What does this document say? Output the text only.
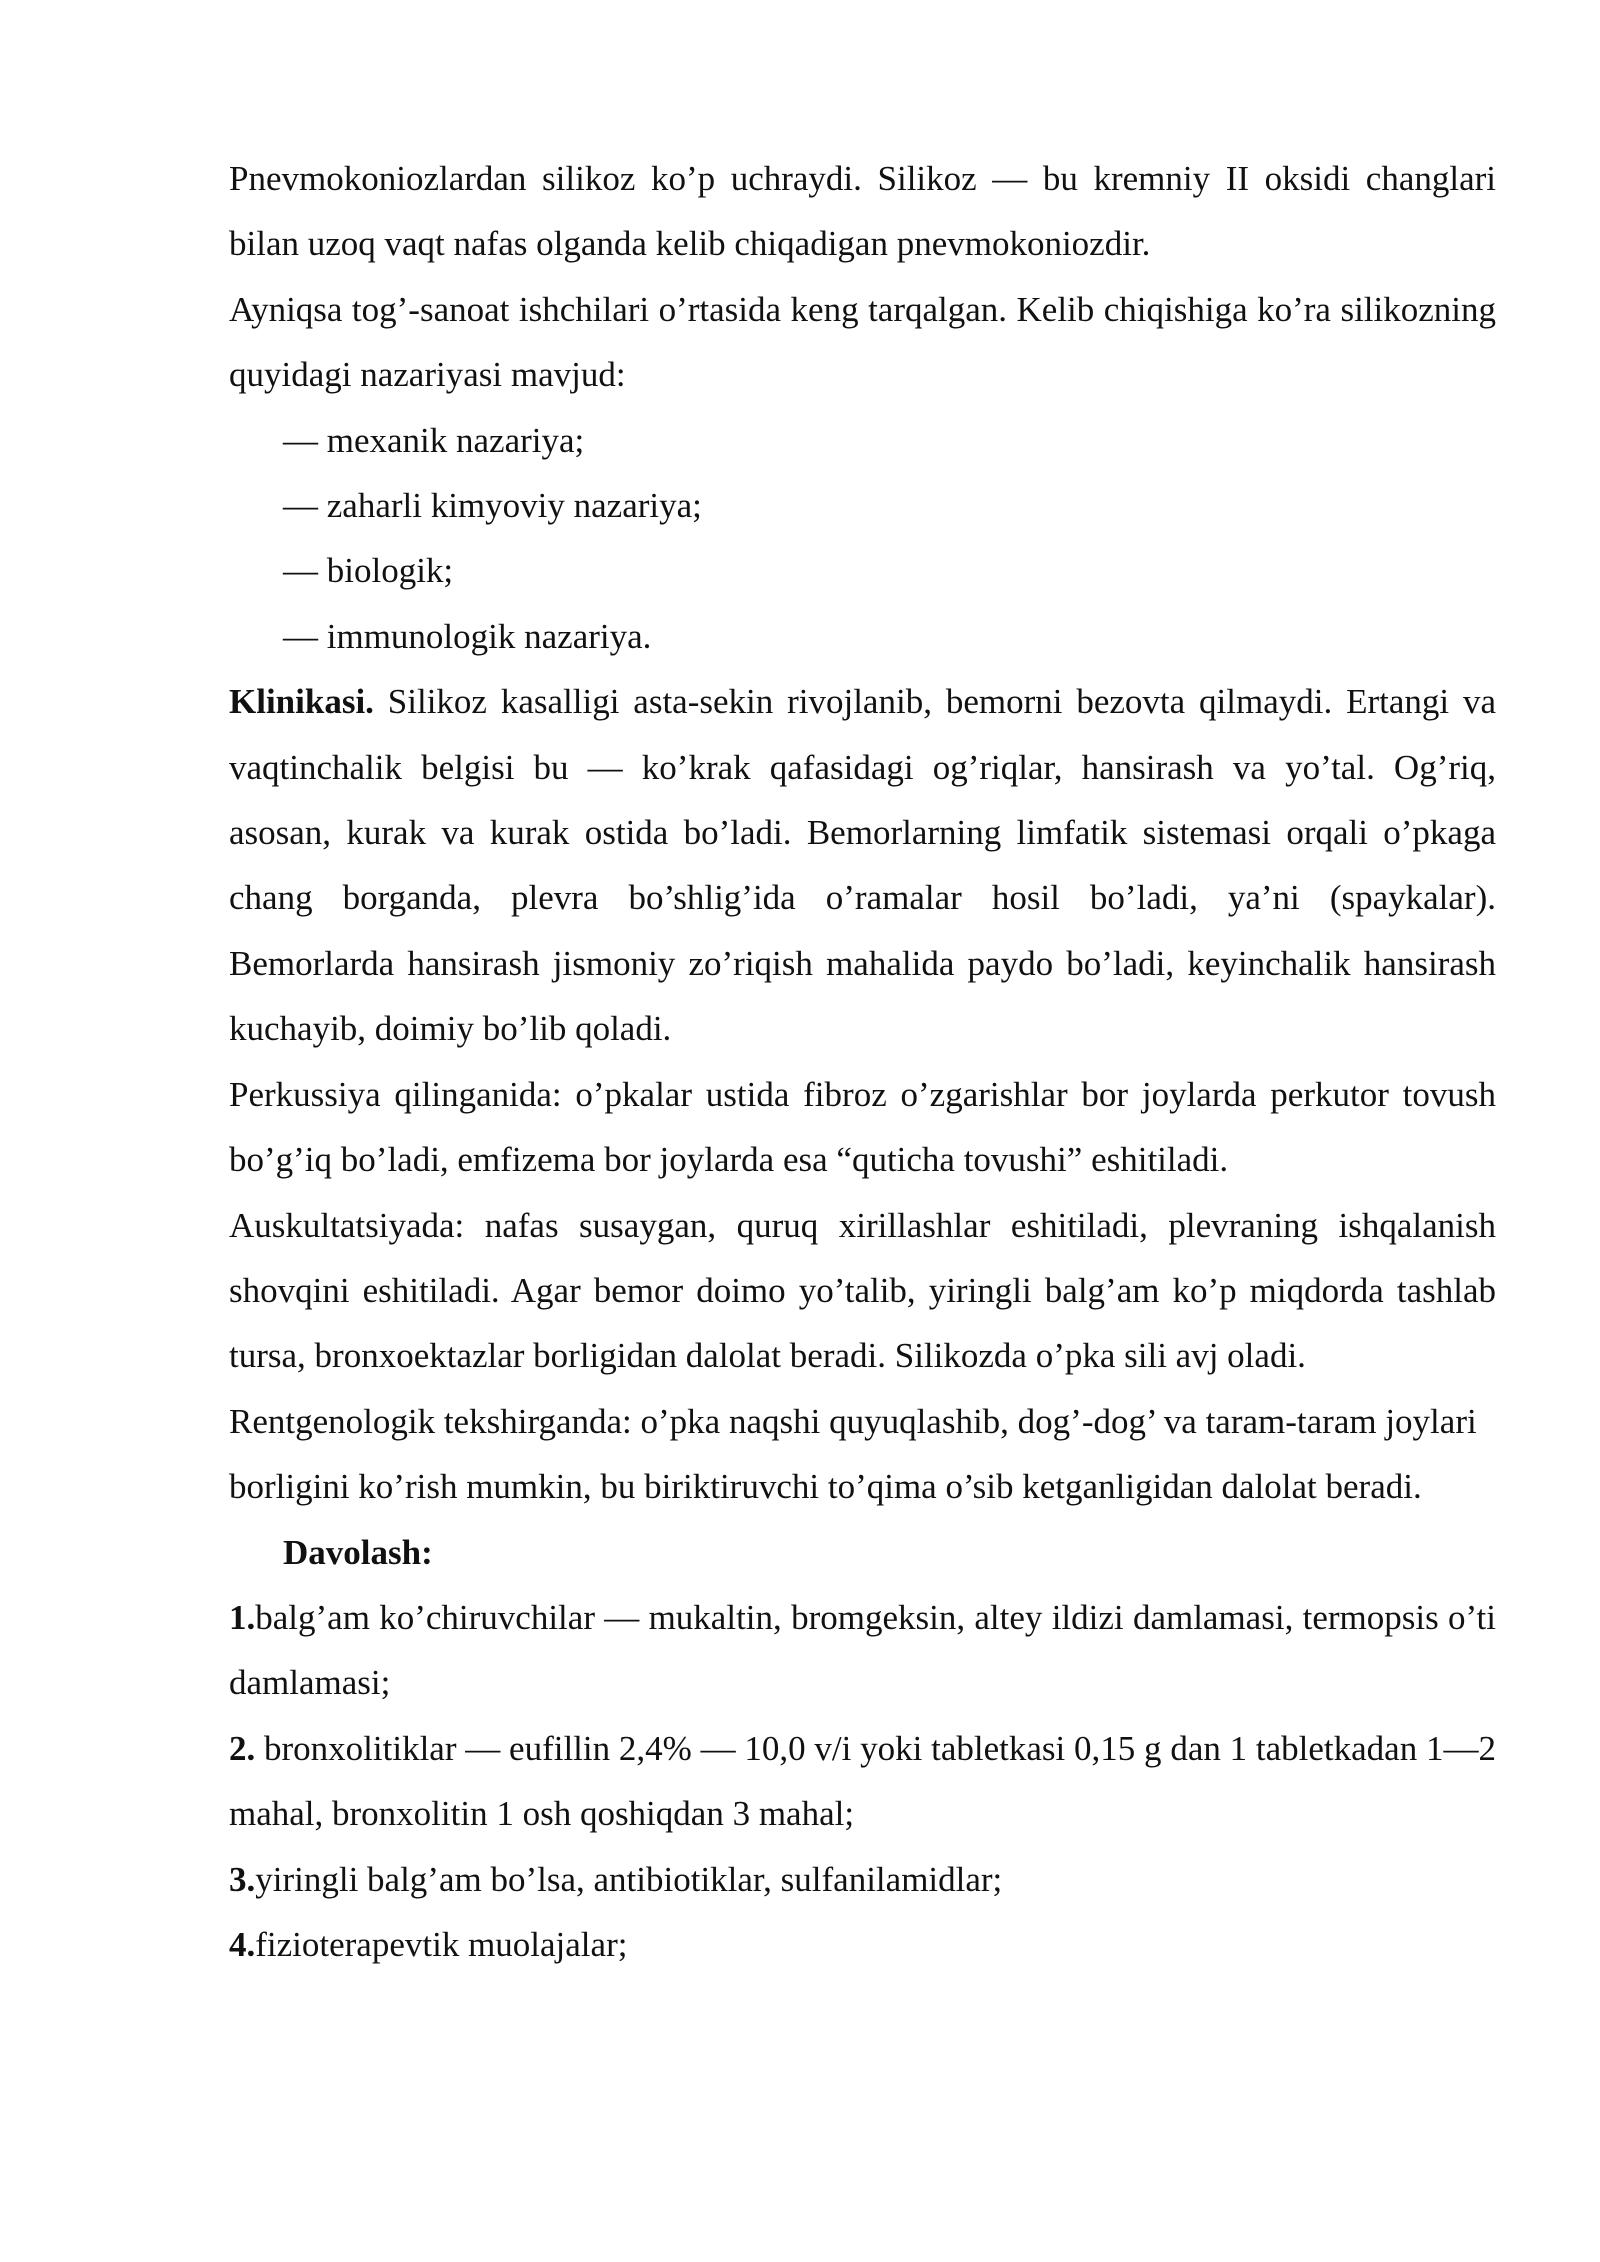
Pnevmokoniozlardan silikoz ko’p uchraydi. Silikoz — bu kremniy II oksidi changlari bilan uzoq vaqt nafas olganda kelib chiqadigan pnevmokoniozdir.

Ayniqsa tog’-sanoat ishchilari o’rtasida keng tarqalgan. Kelib chiqishiga ko’ra silikozning quyidagi nazariyasi mavjud:

— mexanik nazariya;

— zaharli kimyoviy nazariya;

— biologik;

— immunologik nazariya.

Klinikasi. Silikoz kasalligi asta-sekin rivojlanib, bemorni bezovta qilmaydi. Ertangi va vaqtinchalik belgisi bu — ko’krak qafasidagi og’riqlar, hansirash va yo’tal. Og’riq, asosan, kurak va kurak ostida bo’ladi. Bemorlarning limfatik sistemasi orqali o’pkaga chang borganda, plevra bo’shlig’ida o’ramalar hosil bo’ladi, ya’ni (spaykalar). Bemorlarda hansirash jismoniy zo’riqish mahalida paydo bo’ladi, keyinchalik hansirash kuchayib, doimiy bo’lib qoladi.

Perkussiya qilinganida: o’pkalar ustida fibroz o’zgarishlar bor joylarda perkutor tovush bo’g’iq bo’ladi, emfizema bor joylarda esa “quticha tovushi” eshitiladi.

Auskultatsiyada: nafas susaygan, quruq xirillashlar eshitiladi, plevraning ishqalanish shovqini eshitiladi. Agar bemor doimo yo’talib, yiringli balg’am ko’p miqdorda tashlab tursa, bronxoektazlar borligidan dalolat beradi. Silikozda o’pka sili avj oladi.

Rentgenologik tekshirganda: o’pka naqshi quyuqlashib, dog’-dog’ va taram-taram joylari borligini ko’rish mumkin, bu biriktiruvchi to’qima o’sib ketganligidan dalolat beradi.

Davolash:

1.balg’am ko’chiruvchilar — mukaltin, bromgeksin, altey ildizi damlamasi, termopsis o’ti damlamasi;

2. bronxolitiklar — eufillin 2,4% — 10,0 v/i yoki tabletkasi 0,15 g dan 1 tabletkadan 1—2 mahal, bronxolitin 1 osh qoshiqdan 3 mahal;

3.yiringli balg’am bo’lsa, antibiotiklar, sulfanilamidlar;

4.fizioterapevtik muolajalar;
